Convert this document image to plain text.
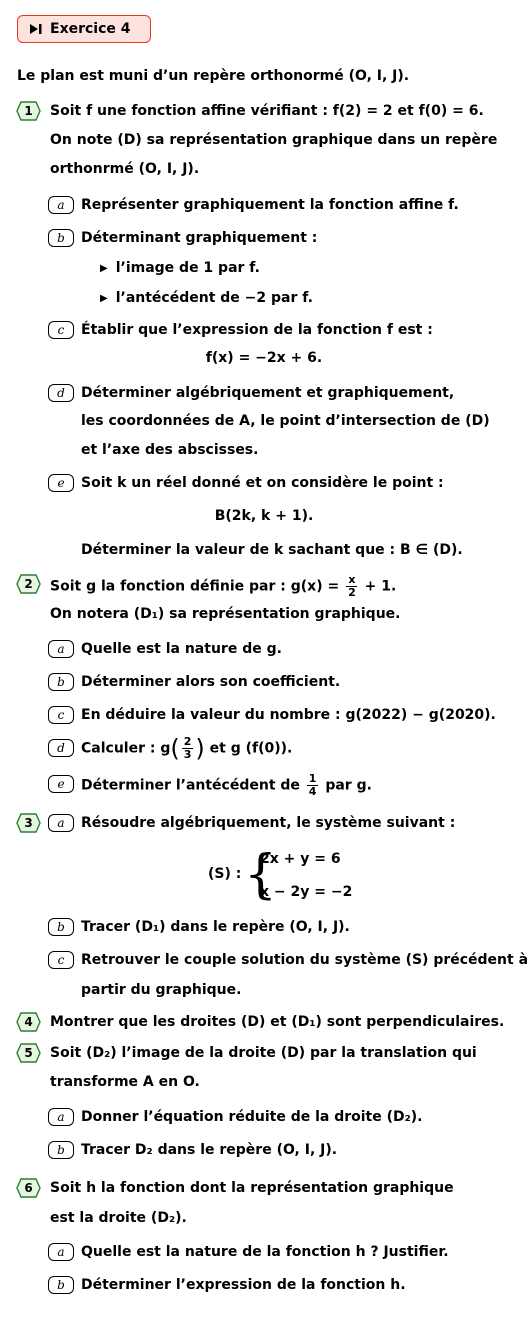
Exercice 4
Le plan est muni d’un repère orthonormé (O, I, J).
1 Soit f une fonction affine vérifiant : f(2) = 2 et f(0) = 6.
On note (D) sa représentation graphique dans un repère
orthonrmé (O, I, J).
a	Représenter graphiquement la fonction affine f.
b	Déterminant graphiquement :
▶ l’image de 1 par f.
▶ l’antécédent de −2 par f.
c	Établir que l’expression de la fonction f est :
f(x) = −2x + 6.
d	Déterminer algébriquement et graphiquement,
les coordonnées de A, le point d’intersection de (D)
et l’axe des abscisses.
e	Soit k un réel donné et on considère le point :
B(2k, k + 1).
Déterminer la valeur de k sachant que : B ∈ (D).
2 Soit g la fonction définie par : $g(x) = \frac{x}{2} + 1$.
On notera (D₁) sa représentation graphique.
a	Quelle est la nature de g.
b	Déterminer alors son coefficient.
c	En déduire la valeur du nombre : g(2022) − g(2020).
d	Calculer : $g( \frac{2}{3}$ ) et g (f(0)).
e	Déterminer l’antécédent de $\frac{1}{4}$ par g.
3	a	Résoudre algébriquement, le système suivant :
(S) : {
2x + y = 6
x − 2y = −2
b	Tracer (D₁) dans le repère (O, I, J).
c	Retrouver le couple solution du système (S) précédent à
partir du graphique.
4 Montrer que les droites (D) et (D₁) sont perpendiculaires.
5 Soit (D₂) l’image de la droite (D) par la translation qui
transforme A en O.
a	Donner l’équation réduite de la droite (D₂).
b	Tracer D₂ dans le repère (O, I, J).
6 Soit h la fonction dont la représentation graphique
est la droite (D₂).
a	Quelle est la nature de la fonction h ? Justifier.
b	Déterminer l’expression de la fonction h.
